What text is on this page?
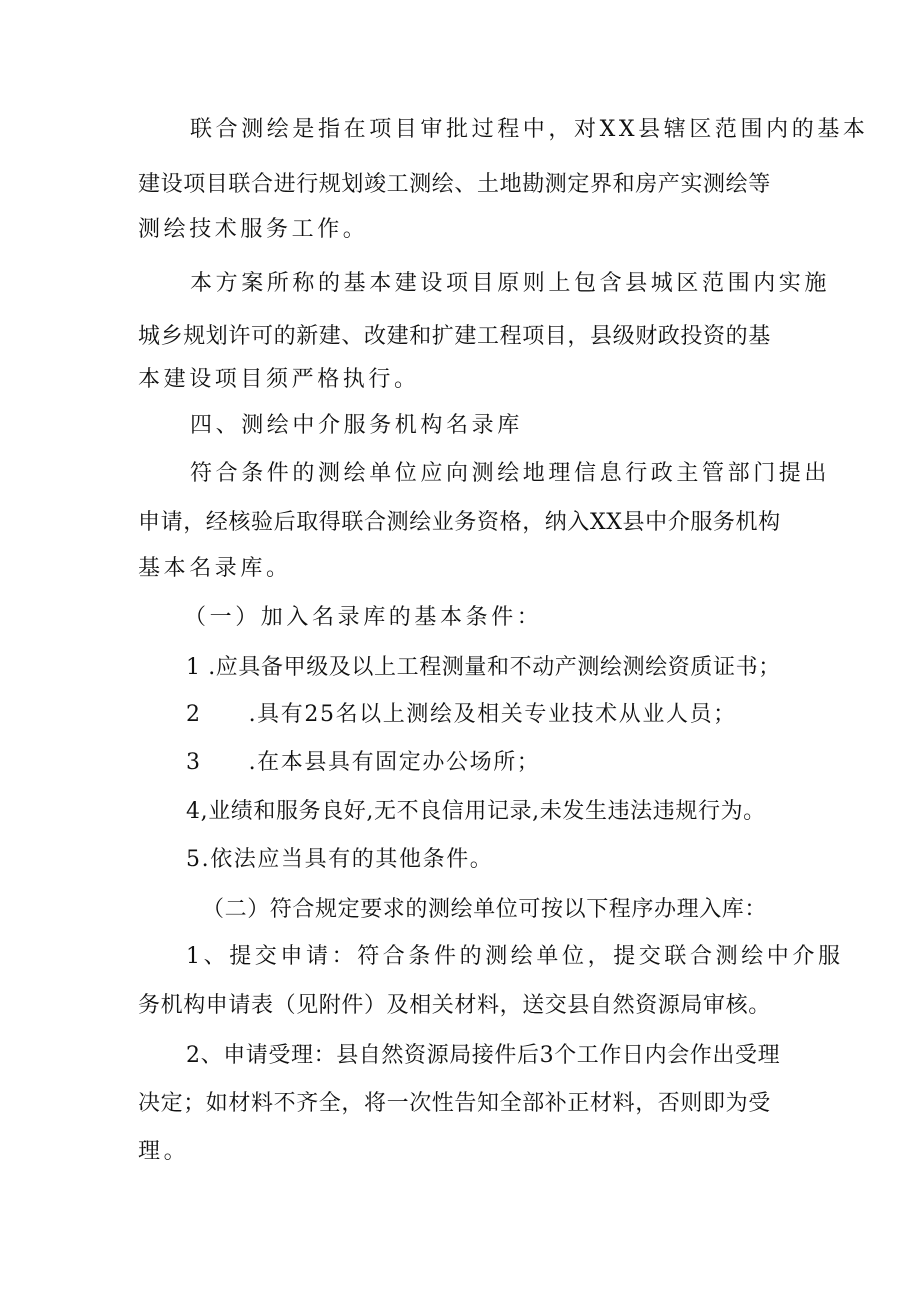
联合测绘是指在项目审批过程中，对XX县辖区范围内的基本
建设项目联合进行规划竣工测绘、土地勘测定界和房产实测绘等
测绘技术服务工作。
本方案所称的基本建设项目原则上包含县城区范围内实施
城乡规划许可的新建、改建和扩建工程项目，县级财政投资的基
本建设项目须严格执行。
四、测绘中介服务机构名录库
符合条件的测绘单位应向测绘地理信息行政主管部门提出
申请，经核验后取得联合测绘业务资格，纳入XX县中介服务机构
基本名录库。
（一）加入名录库的基本条件：
1 .应具备甲级及以上工程测量和不动产测绘测绘资质证书；
2 .具有25名以上测绘及相关专业技术从业人员；
3 .在本县具有固定办公场所；
4,业绩和服务良好,无不良信用记录,未发生违法违规行为。
5.依法应当具有的其他条件。
（二）符合规定要求的测绘单位可按以下程序办理入库：
1、提交申请：符合条件的测绘单位，提交联合测绘中介服
务机构申请表（见附件）及相关材料，送交县自然资源局审核。
2、申请受理：县自然资源局接件后3个工作日内会作出受理
决定；如材料不齐全，将一次性告知全部补正材料，否则即为受
理。
